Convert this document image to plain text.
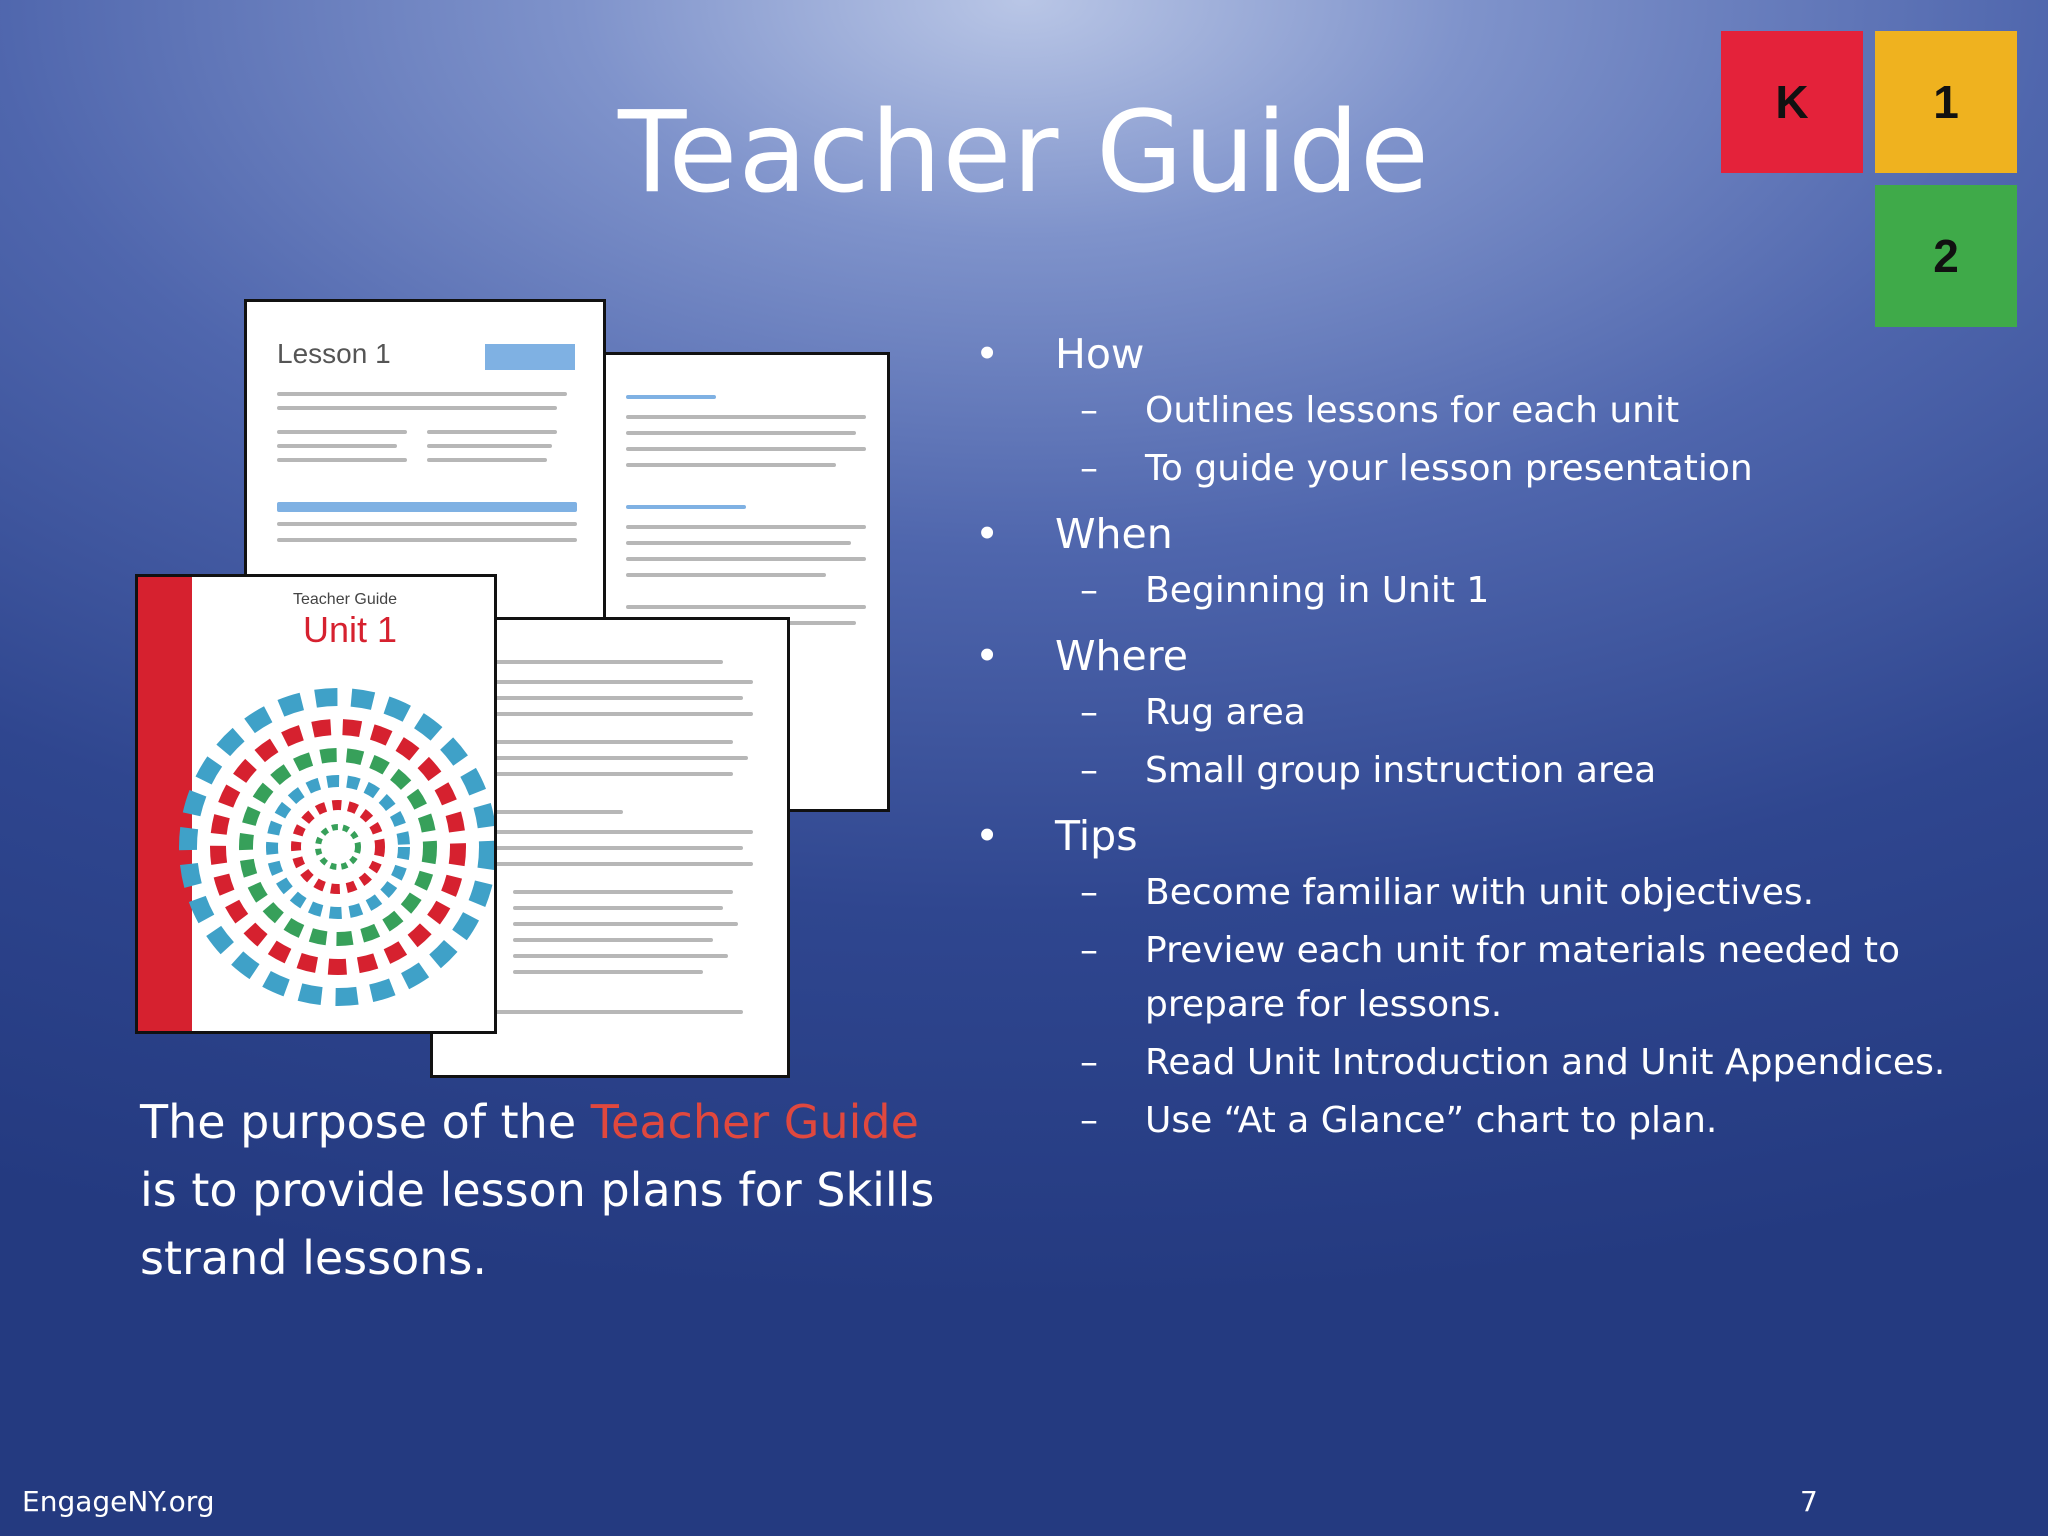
Teacher Guide	K	1
2
Lesson 1
Teacher Guide
Unit 1
• How
– Outlines lessons for each unit
– To guide your lesson presentation
• When
– Beginning in Unit 1
• Where
– Rug area
– Small group instruction area
• Tips
– Become familiar with unit objectives.
– Preview each unit for materials needed to prepare for lessons.
– Read Unit Introduction and Unit Appendices.
– Use “At a Glance” chart to plan.
The purpose of the Teacher Guide is to provide lesson plans for Skills strand lessons.
EngageNY.org	7
